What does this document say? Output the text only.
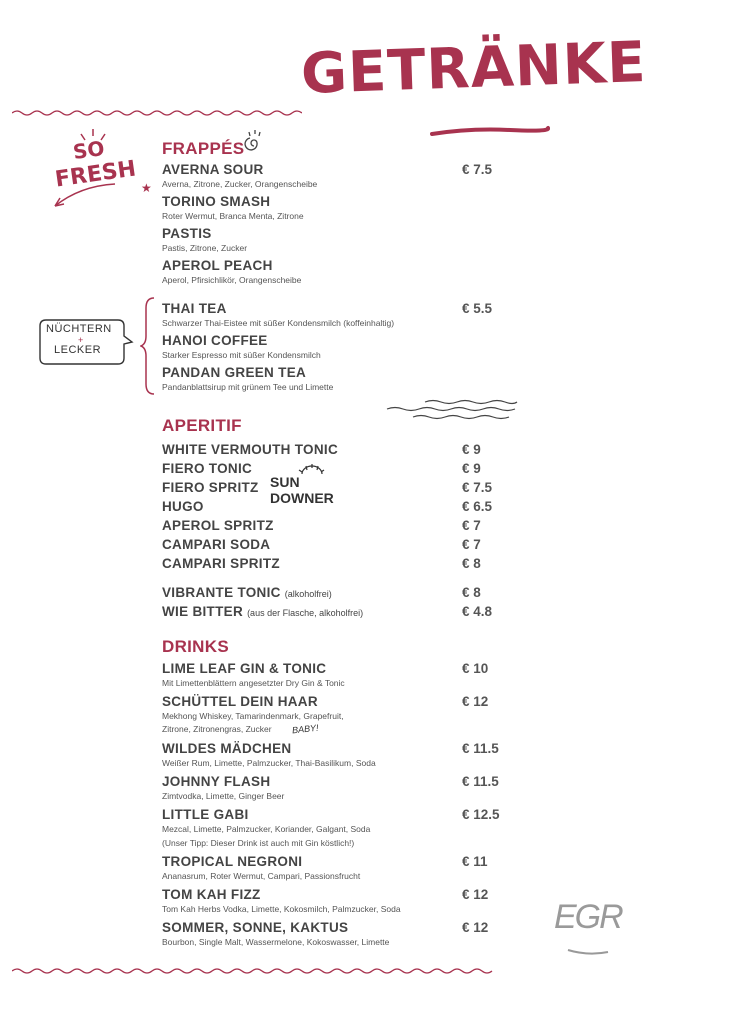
GETRÄNKE
★
SO
FRESH
FRAPPÉS
AVERNA SOUR
Averna, Zitrone, Zucker, Orangenscheibe
€ 7.5
TORINO SMASH
Roter Wermut, Branca Menta, Zitrone
PASTIS
Pastis, Zitrone, Zucker
APEROL PEACH
Aperol, Pfirsichlikör, Orangenscheibe
THAI TEA
Schwarzer Thai-Eistee mit süßer Kondensmilch (koffeinhaltig)
€ 5.5
HANOI COFFEE
Starker Espresso mit süßer Kondensmilch
PANDAN GREEN TEA
Pandanblattsirup mit grünem Tee und Limette
NÜCHTERN
+
LECKER
APERITIF
WHITE VERMOUTH TONIC	€ 9
FIERO TONIC	€ 9
FIERO SPRITZ	€ 7.5
HUGO	€ 6.5
APEROL SPRITZ	€ 7
CAMPARI SODA	€ 7
CAMPARI SPRITZ	€ 8
VIBRANTE TONIC (alkoholfrei)	€ 8
WIE BITTER (aus der Flasche, alkoholfrei)	€ 4.8
SUN
DOWNER
DRINKS
LIME LEAF GIN & TONIC
Mit Limettenblättern angesetzter Dry Gin & Tonic
€ 10
SCHÜTTEL DEIN HAAR
Mekhong Whiskey, Tamarindenmark, Grapefruit,
Zitrone, Zitronengras, Zucker BABY!
€ 12
WILDES MÄDCHEN
Weißer Rum, Limette, Palmzucker, Thai-Basilikum, Soda
€ 11.5
JOHNNY FLASH
Zimtvodka, Limette, Ginger Beer
€ 11.5
LITTLE GABI
Mezcal, Limette, Palmzucker, Koriander, Galgant, Soda
(Unser Tipp: Dieser Drink ist auch mit Gin köstlich!)
€ 12.5
TROPICAL NEGRONI
Ananasrum, Roter Wermut, Campari, Passionsfrucht
€ 11
TOM KAH FIZZ
Tom Kah Herbs Vodka, Limette, Kokosmilch, Palmzucker, Soda
€ 12
SOMMER, SONNE, KAKTUS
Bourbon, Single Malt, Wassermelone, Kokoswasser, Limette
€ 12 EGR
